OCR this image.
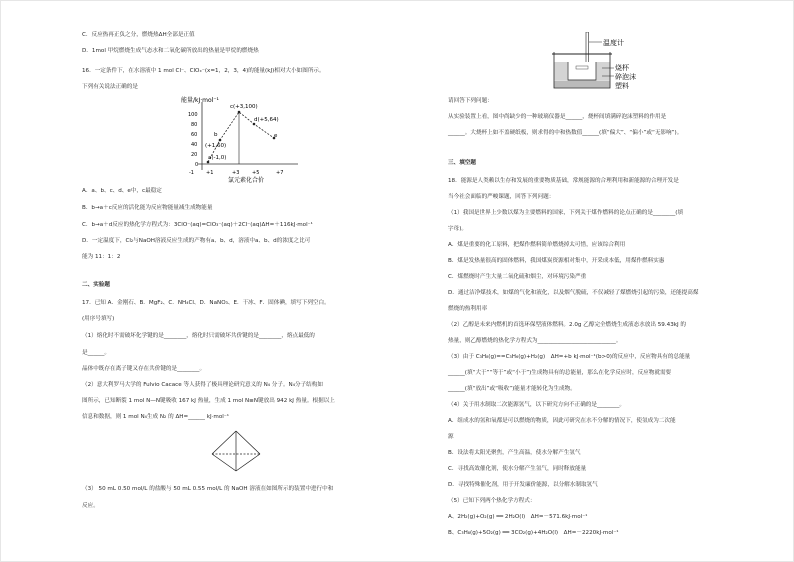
C．反应热再正负之分，燃烧热ΔH全部是正值
D．1mol 甲烷燃烧生成气态水和二氧化碳所放出的热量是甲烷的燃烧热
16．一定条件下，在水溶液中 1 mol Cl⁻、ClOₓ⁻(x=1，2，3，4)的能量(kJ)相对大小如图所示。
下列有关说法正确的是
能量/kJ·mol⁻¹
100
80
60
40
20
0
-1 +1	+3	+5	+7
a(-1,0)
b
(+1,60)
c(+3,100)
d(+5,64)
e
氯元素化合价
A．a、b、c、d、e中，c最稳定
B．b→a＋c反应的活化能为反应物能量减生成物能量
C．b→a＋d反应的热化学方程式为：3ClO⁻(aq)=ClO₃⁻(aq)＋2Cl⁻(aq)ΔH=＋116kJ·mol⁻¹
D．一定温度下，Cl₂与NaOH溶液反应生成的产物有a、b、d，溶液中a、b、d的浓度之比可
能为 11：1：2
二、实验题
17．已知 A．金刚石、B．MgF₂、C．NH₄Cl、D．NaNO₃、E．干冰、F．固体碘，填写下列空白。
(用序号填写)
（1）熔化时不需破坏化学键的是________，熔化时只需破坏共价键的是________，熔点最低的
是______。
晶体中既存在离子键又存在共价键的是________。
（2）意大利罗马大学的 Fulvio Cacace 等人获得了极具理论研究意义的 N₄ 分子。N₄分子结构如
图所示，已知断裂 1 mol N—N键吸收 167 kJ 热量，生成 1 mol N≡N键放出 942 kJ 热量。根据以上
信息和数据，则 1 mol N₄生成 N₂ 的 ΔH=______ kJ·mol⁻¹
（3） 50 mL 0.50 mol/L 的盐酸与 50 mL 0.55 mol/L 的 NaOH 溶液在如图所示的装置中进行中和
反应。
温度计
烧杯
碎泡沫
塑料
请回答下列问题：
从实验装置上看，图中尚缺少的一种玻璃仪器是______，烧杯间填满碎泡沫塑料的作用是
______。大烧杯上如不盖硬纸板，则求得的中和热数值______(填“偏大”、“偏小”或“无影响”)。
三、填空题
18．能源是人类赖以生存和发展的重要物质基础，常规能源的合理利用和新能源的合理开发是
当今社会面临的严峻课题，回答下列问题：
（1）我国是世界上少数以煤为主要燃料的国家，下列关于煤作燃料的论点正确的是________(填
字母)。
A．煤是重要的化工原料，把煤作燃料简单燃烧掉太可惜，应该综合利用
B．煤是发热量很高的固体燃料，我国煤炭资源相对集中，开采成本低，用煤作燃料实惠
C．煤燃烧时产生大量二氧化硫和烟尘，对环境污染严重
D．通过洁净煤技术，如煤的气化和液化，以及烟气脱硫，不仅减轻了煤燃烧引起的污染，还能提高煤
燃烧的热利用率
（2）乙醇是未来内燃机的首选环保型液体燃料。2.0g 乙醇完全燃烧生成液态水放出 59.43kJ 的
热量，则乙醇燃烧的热化学方程式为____________________________。
（3）由于 C₃H₈(g)==C₃H₆(g)+H₂(g)　ΔH=+b kJ·mol⁻¹(b>0)的反应中，反应物具有的总能量
______(填“大于”“等于”或“小于”)生成物具有的总能量，那么在化学反应时，反应物就需要
______(填“放出”或“吸收”)能量才能转化为生成物。
（4）关于用水制取二次能源氢气，以下研究方向不正确的是________。
A．组成水的氢和氧都是可以燃烧的物质，因此可研究在水不分解的情况下，使氢成为二次能
源
B．设法将太阳光聚焦，产生高温，使水分解产生氢气
C．寻找高效催化剂，使水分解产生氢气，同时释放能量
D．寻找特殊催化剂，用于开发廉价能源，以分解水制取氢气
（5）已知下列两个热化学方程式：
A、2H₂(g)+O₂(g) ══ 2H₂O(l)　ΔH=－571.6kJ·mol⁻¹
B、C₃H₈(g)+5O₂(g) ══ 3CO₂(g)+4H₂O(l)　ΔH=－2220kJ·mol⁻¹
